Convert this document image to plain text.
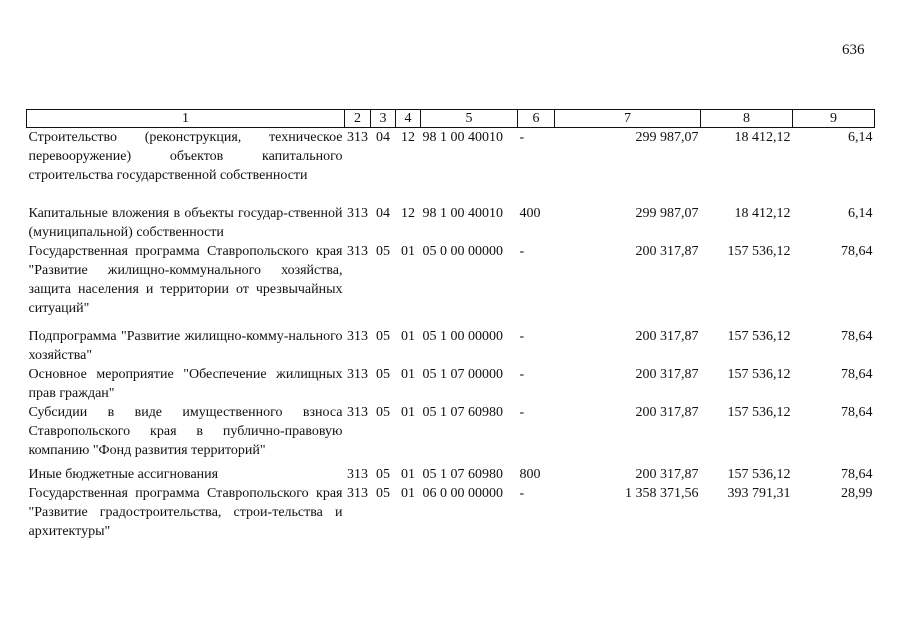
636
1	2	3	4	5	6	7	8	9
Строительство (реконструкция, техническое перевооружение) объектов капитального строительства государственной собственности	313	04	12	98 1 00 40010	-	299 987,07	18 412,12	6,14

Капитальные вложения в объекты государ-ственной (муниципальной) собственности	313	04	12	98 1 00 40010	400	299 987,07	18 412,12	6,14
Государственная программа Ставропольского края "Развитие жилищно-коммунального хозяйства, защита населения и территории от чрезвычайных ситуаций"	313	05	01	05 0 00 00000	-	200 317,87	157 536,12	78,64

Подпрограмма "Развитие жилищно-комму-нального хозяйства"	313	05	01	05 1 00 00000	-	200 317,87	157 536,12	78,64
Основное мероприятие "Обеспечение жилищных прав граждан"	313	05	01	05 1 07 00000	-	200 317,87	157 536,12	78,64
Субсидии в виде имущественного взноса Ставропольского края в публично-правовую компанию "Фонд развития территорий"	313	05	01	05 1 07 60980	-	200 317,87	157 536,12	78,64

Иные бюджетные ассигнования	313	05	01	05 1 07 60980	800	200 317,87	157 536,12	78,64
Государственная программа Ставропольского края "Развитие градостроительства, строи-тельства и архитектуры"	313	05	01	06 0 00 00000	-	1 358 371,56	393 791,31	28,99
